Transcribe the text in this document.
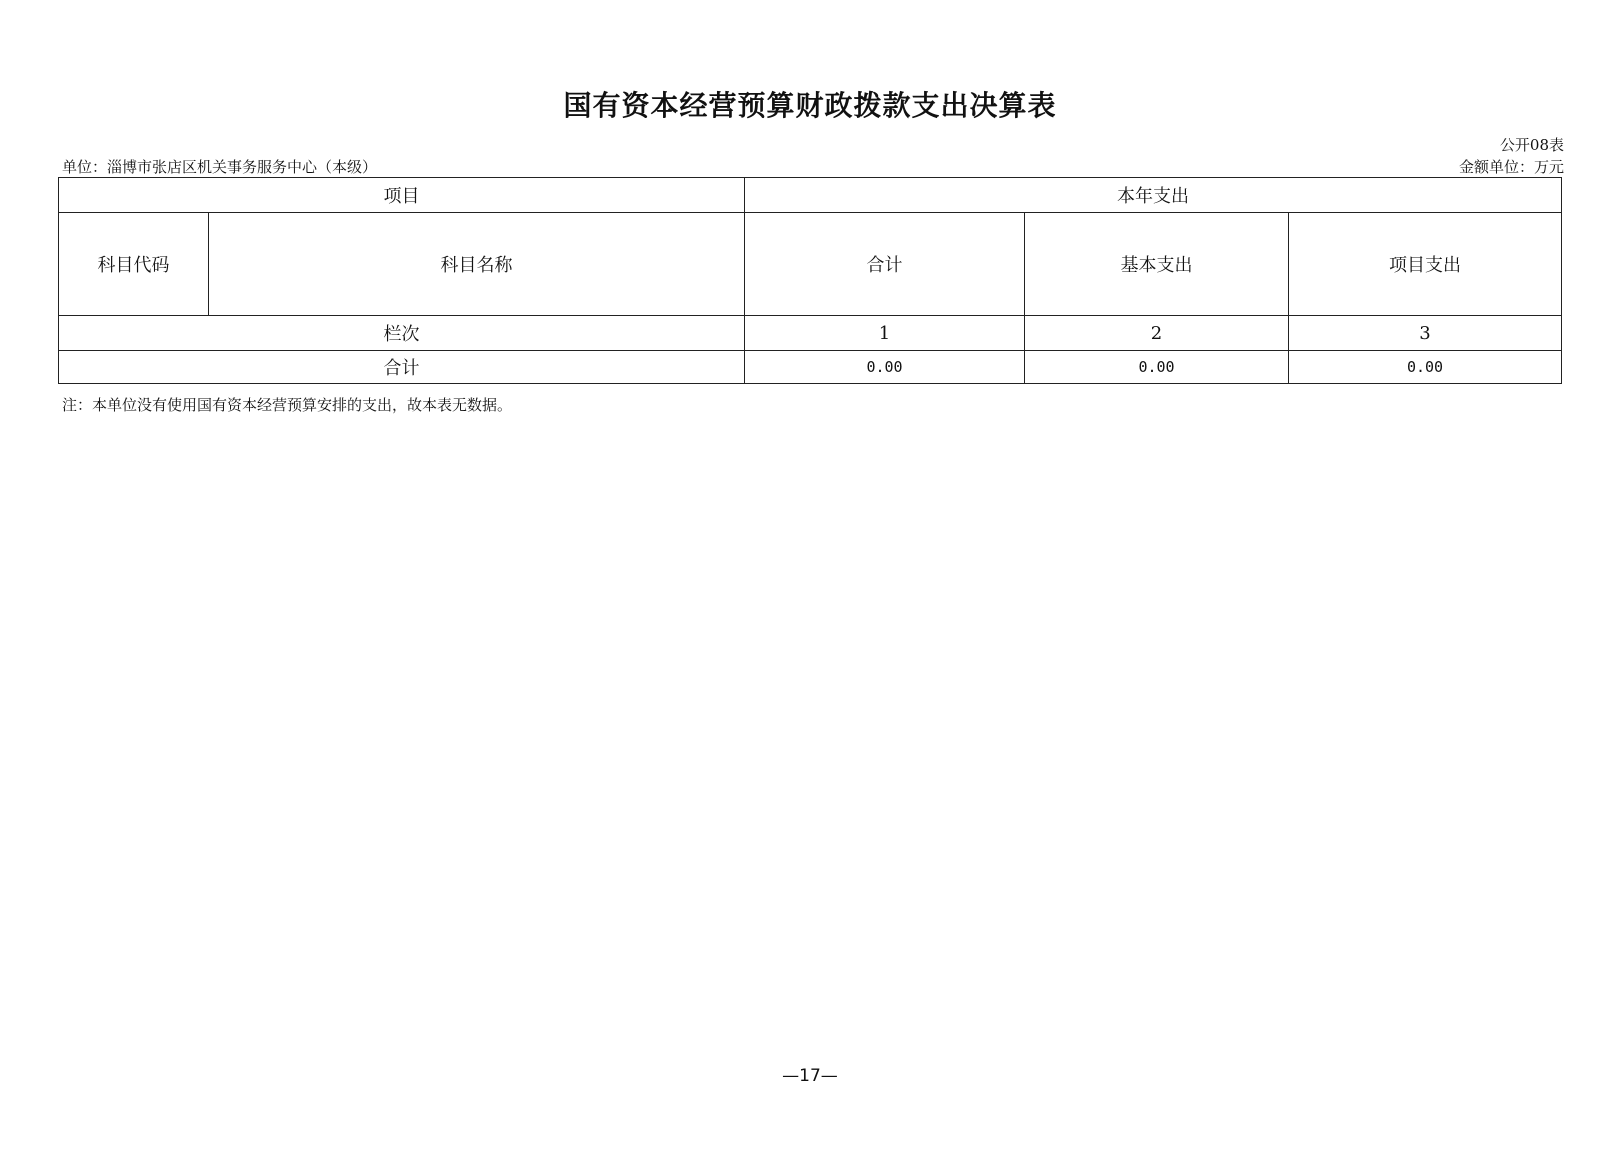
国有资本经营预算财政拨款支出决算表
公开08表
单位：淄博市张店区机关事务服务中心（本级）	金额单位：万元
项目		本年支出		
科目代码	科目名称	合计	基本支出	项目支出
栏次		1	2	3
合计		0.00	0.00	0.00
注：本单位没有使用国有资本经营预算安排的支出，故本表无数据。
—17—
